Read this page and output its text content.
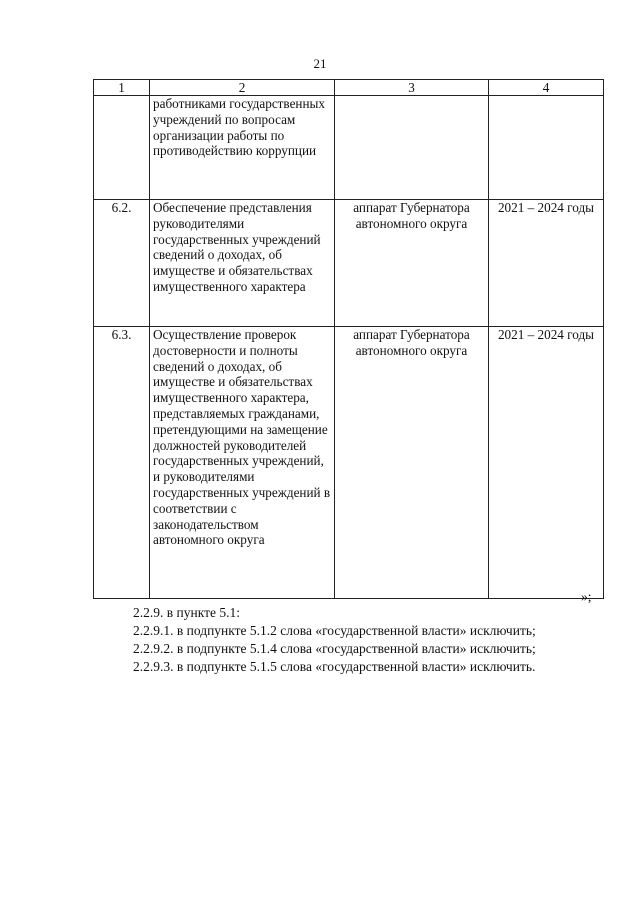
21
1	2	3	4
	работниками государственных учреждений по вопросам организации работы по противодействию коррупции		
6.2.	Обеспечение представления руководителями государственных учреждений сведений о доходах, об имуществе и обязательствах имущественного характера	аппарат Губернатора автономного округа	2021 – 2024 годы
6.3.	Осуществление проверок достоверности и полноты сведений о доходах, об имуществе и обязательствах имущественного характера, представляемых гражданами, претендующими на замещение должностей руководителей государственных учреждений, и руководителями государственных учреждений в соответствии с законодательством автономного округа	аппарат Губернатора автономного округа	2021 – 2024 годы
»;
2.2.9. в пункте 5.1:
2.2.9.1. в подпункте 5.1.2 слова «государственной власти» исключить;
2.2.9.2. в подпункте 5.1.4 слова «государственной власти» исключить;
2.2.9.3. в подпункте 5.1.5 слова «государственной власти» исключить.
